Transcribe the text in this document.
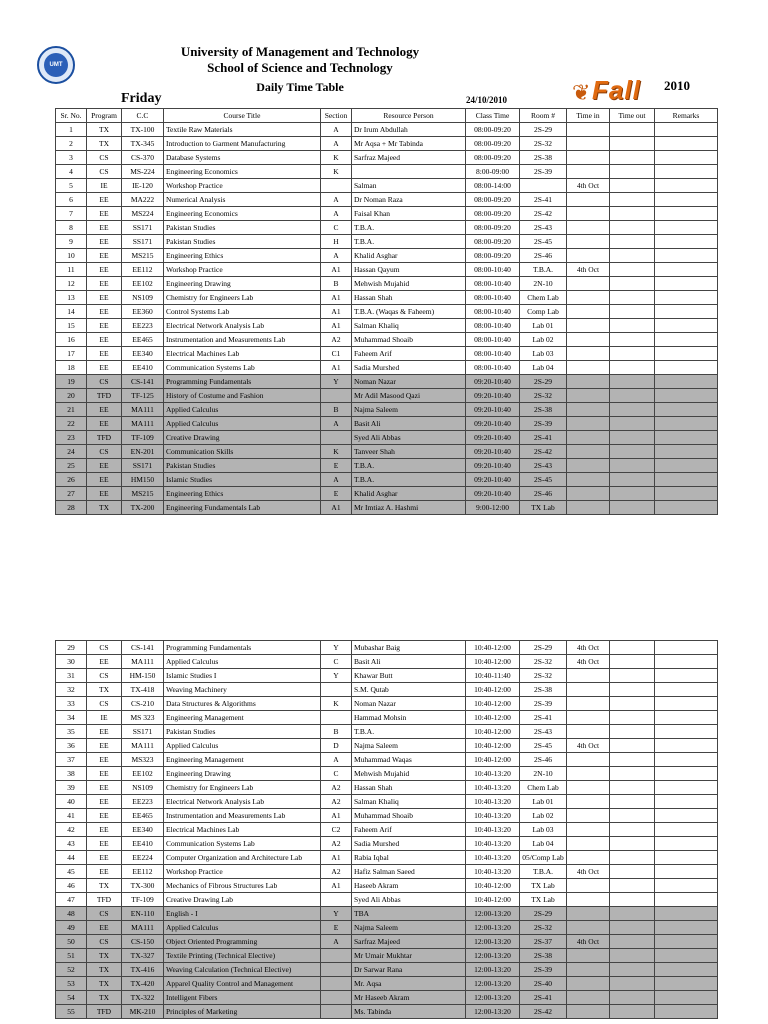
UMT
University of Management and Technology
School of Science and Technology
Daily Time Table
Friday	24/10/2010	❦ Fall 2010
Sr. No.	Program	C.C	Course Title	Section	Resource Person	Class Time	Room #	Time in	Time out	Remarks
1	TX	TX-100	Textile Raw Materials	A	Dr Irum Abdullah	08:00-09:20	2S-29			
2	TX	TX-345	Introduction to Garment Manufacturing	A	Mr Aqsa + Mr Tabinda	08:00-09:20	2S-32			
3	CS	CS-370	Database Systems	K	Sarfraz Majeed	08:00-09:20	2S-38			
4	CS	MS-224	Engineering Economics	K		8:00-09:00	2S-39			
5	IE	IE-120	Workshop Practice		Salman	08:00-14:00		4th Oct		
6	EE	MA222	Numerical Analysis	A	Dr Noman Raza	08:00-09:20	2S-41			
7	EE	MS224	Engineering Economics	A	Faisal Khan	08:00-09:20	2S-42			
8	EE	SS171	Pakistan Studies	C	T.B.A.	08:00-09:20	2S-43			
9	EE	SS171	Pakistan Studies	H	T.B.A.	08:00-09:20	2S-45			
10	EE	MS215	Engineering Ethics	A	Khalid Asghar	08:00-09:20	2S-46			
11	EE	EE112	Workshop Practice	A1	Hassan Qayum	08:00-10:40	T.B.A.	4th Oct		
12	EE	EE102	Engineering Drawing	B	Mehwish Mujahid	08:00-10:40	2N-10			
13	EE	NS109	Chemistry for Engineers Lab	A1	Hassan Shah	08:00-10:40	Chem Lab			
14	EE	EE360	Control Systems Lab	A1	T.B.A. (Waqas & Faheem)	08:00-10:40	Comp Lab			
15	EE	EE223	Electrical Network Analysis Lab	A1	Salman Khaliq	08:00-10:40	Lab 01			
16	EE	EE465	Instrumentation and Measurements Lab	A2	Muhammad Shoaib	08:00-10:40	Lab 02			
17	EE	EE340	Electrical Machines Lab	C1	Faheem Arif	08:00-10:40	Lab 03			
18	EE	EE410	Communication Systems Lab	A1	Sadia Murshed	08:00-10:40	Lab 04			
19	CS	CS-141	Programming Fundamentals	Y	Noman Nazar	09:20-10:40	2S-29			
20	TFD	TF-125	History of Costume and Fashion		Mr Adil Masood Qazi	09:20-10:40	2S-32			
21	EE	MA111	Applied Calculus	B	Najma Saleem	09:20-10:40	2S-38			
22	EE	MA111	Applied Calculus	A	Basit Ali	09:20-10:40	2S-39			
23	TFD	TF-109	Creative Drawing		Syed Ali Abbas	09:20-10:40	2S-41			
24	CS	EN-201	Communication Skills	K	Tanveer Shah	09:20-10:40	2S-42			
25	EE	SS171	Pakistan Studies	E	T.B.A.	09:20-10:40	2S-43			
26	EE	HM150	Islamic Studies	A	T.B.A.	09:20-10:40	2S-45			
27	EE	MS215	Engineering Ethics	E	Khalid Asghar	09:20-10:40	2S-46			
28	TX	TX-200	Engineering Fundamentals Lab	A1	Mr Imtiaz A. Hashmi	9:00-12:00	TX Lab			
29	CS	CS-141	Programming Fundamentals	Y	Mubashar Baig	10:40-12:00	2S-29	4th Oct		
30	EE	MA111	Applied Calculus	C	Basit Ali	10:40-12:00	2S-32	4th Oct		
31	CS	HM-150	Islamic Studies I	Y	Khawar Butt	10:40-11:40	2S-32			
32	TX	TX-418	Weaving Machinery		S.M. Qutab	10:40-12:00	2S-38			
33	CS	CS-210	Data Structures & Algorithms	K	Noman Nazar	10:40-12:00	2S-39			
34	IE	MS 323	Engineering Management		Hammad Mohsin	10:40-12:00	2S-41			
35	EE	SS171	Pakistan Studies	B	T.B.A.	10:40-12:00	2S-43			
36	EE	MA111	Applied Calculus	D	Najma Saleem	10:40-12:00	2S-45	4th Oct		
37	EE	MS323	Engineering Management	A	Muhammad Waqas	10:40-12:00	2S-46			
38	EE	EE102	Engineering Drawing	C	Mehwish Mujahid	10:40-13:20	2N-10			
39	EE	NS109	Chemistry for Engineers Lab	A2	Hassan Shah	10:40-13:20	Chem Lab			
40	EE	EE223	Electrical Network Analysis Lab	A2	Salman Khaliq	10:40-13:20	Lab 01			
41	EE	EE465	Instrumentation and Measurements Lab	A1	Muhammad Shoaib	10:40-13:20	Lab 02			
42	EE	EE340	Electrical Machines Lab	C2	Faheem Arif	10:40-13:20	Lab 03			
43	EE	EE410	Communication Systems Lab	A2	Sadia Murshed	10:40-13:20	Lab 04			
44	EE	EE224	Computer Organization and Architecture Lab	A1	Rabia Iqbal	10:40-13:20	05/Comp Lab			
45	EE	EE112	Workshop Practice	A2	Hafiz Salman Saeed	10:40-13:20	T.B.A.	4th Oct		
46	TX	TX-300	Mechanics of Fibrous Structures Lab	A1	Haseeb Akram	10:40-12:00	TX Lab			
47	TFD	TF-109	Creative Drawing Lab		Syed Ali Abbas	10:40-12:00	TX Lab			
48	CS	EN-110	English - I	Y	TBA	12:00-13:20	2S-29			
49	EE	MA111	Applied Calculus	E	Najma Saleem	12:00-13:20	2S-32			
50	CS	CS-150	Object Oriented Programming	A	Sarfraz Majeed	12:00-13:20	2S-37	4th Oct		
51	TX	TX-327	Textile Printing (Technical Elective)		Mr Umair Mukhtar	12:00-13:20	2S-38			
52	TX	TX-416	Weaving Calculation (Technical Elective)		Dr Sarwar Rana	12:00-13:20	2S-39			
53	TX	TX-420	Apparel Quality Control and Management		Mr. Aqsa	12:00-13:20	2S-40			
54	TX	TX-322	Intelligent Fibers		Mr Haseeb Akram	12:00-13:20	2S-41			
55	TFD	MK-210	Principles of Marketing		Ms. Tabinda	12:00-13:20	2S-42			
